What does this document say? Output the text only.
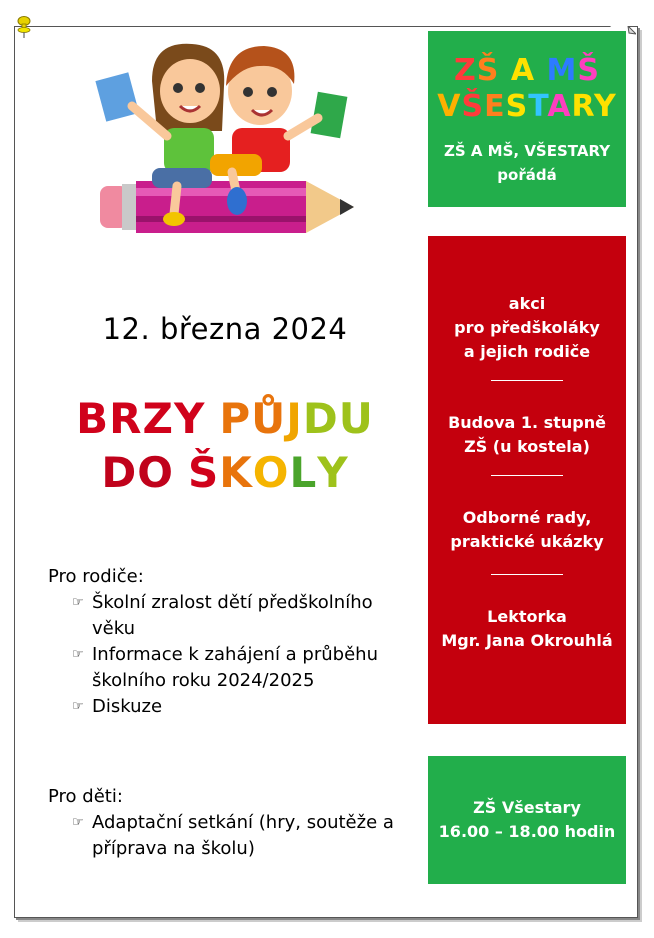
ZŠ A MŠ
VŠESTARY
ZŠ A MŠ, VŠESTARY
pořádá
12. března 2024
BRZY PŮJDU
DO ŠKOLY
Pro rodiče:
☞ Školní zralost dětí předškolního věku
☞ Informace k zahájení a průběhu školního roku 2024/2025
☞ Diskuze
Pro děti:
☞ Adaptační setkání (hry, soutěže a příprava na školu)
akci
pro předškoláky
a jejich rodiče
Budova 1. stupně
ZŠ (u kostela)
Odborné rady,
praktické ukázky
Lektorka
Mgr. Jana Okrouhlá
ZŠ Všestary
16.00 – 18.00 hodin
